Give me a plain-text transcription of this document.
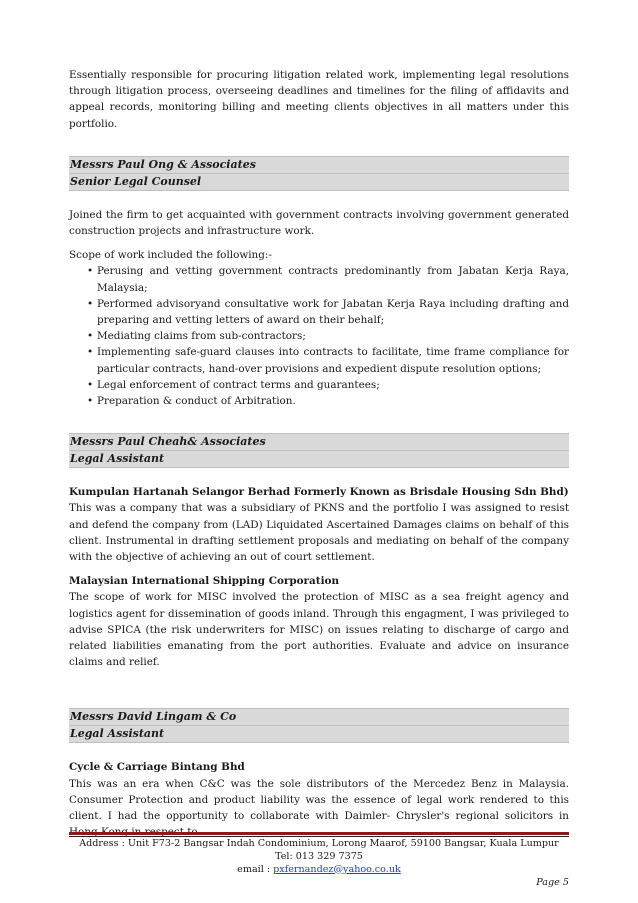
Essentially responsible for procuring litigation related work, implementing legal resolutions through litigation process, overseeing deadlines and timelines for the filing of affidavits and appeal records, monitoring billing and meeting clients objectives in all matters under this portfolio.

Messrs Paul Ong & Associates
Senior Legal Counsel

Joined the firm to get acquainted with government contracts involving government generated construction projects and infrastructure work.

Scope of work included the following:-

• Perusing and vetting government contracts predominantly from Jabatan Kerja Raya, Malaysia;
• Performed advisoryand consultative work for Jabatan Kerja Raya including drafting and preparing and vetting letters of award on their behalf;
• Mediating claims from sub-contractors;
• Implementing safe-guard clauses into contracts to facilitate, time frame compliance for particular contracts, hand-over provisions and expedient dispute resolution options;
• Legal enforcement of contract terms and guarantees;
• Preparation & conduct of Arbitration.
Messrs Paul Cheah& Associates
Legal Assistant

Kumpulan Hartanah Selangor Berhad Formerly Known as Brisdale Housing Sdn Bhd)

This was a company that was a subsidiary of PKNS and the portfolio I was assigned to resist and defend the company from (LAD) Liquidated Ascertained Damages claims on behalf of this client. Instrumental in drafting settlement proposals and mediating on behalf of the company with the objective of achieving an out of court settlement.

Malaysian International Shipping Corporation

The scope of work for MISC involved the protection of MISC as a sea freight agency and logistics agent for dissemination of goods inland. Through this engagment, I was privileged to advise SPICA (the risk underwriters for MISC) on issues relating to discharge of cargo and related liabilities emanating from the port authorities. Evaluate and advice on insurance claims and relief.

Messrs David Lingam & Co
Legal Assistant

Cycle & Carriage Bintang Bhd

This was an era when C&C was the sole distributors of the Mercedez Benz in Malaysia. Consumer Protection and product liability was the essence of legal work rendered to this client. I had the opportunity to collaborate with Daimler- Chrysler's regional solicitors in Hong Kong in respect to

Address : Unit F73-2 Bangsar Indah Condominium, Lorong Maarof, 59100 Bangsar, Kuala Lumpur
Tel: 013 329 7375
email : pxfernandez@yahoo.co.uk
Page 5
